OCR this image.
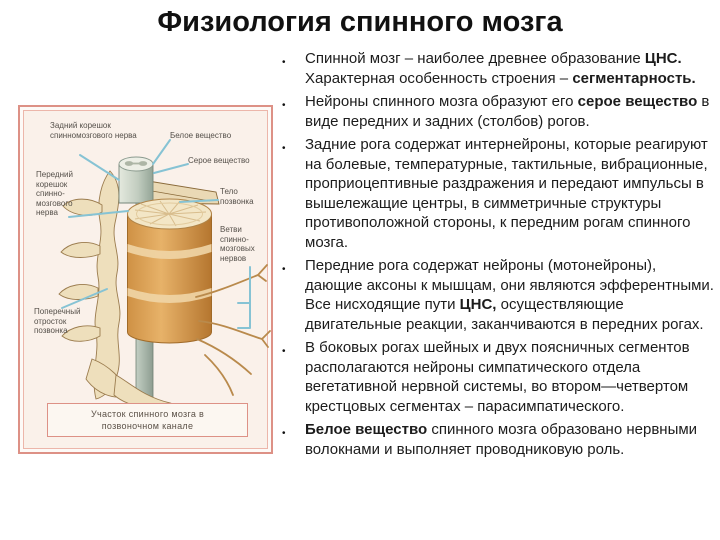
Физиология спинного мозга
Задний корешок спинномозгового нерва	Белое вещество
Серое вещество
Передний корешок спинно-мозгового нерва
Тело позвонка
Ветви спинно-мозговых нервов
Поперечный отросток позвонка
Участок спинного мозга в позвоночном канале
• Спинной мозг – наиболее древнее образование ЦНС. Характерная особенность строения – сегментарность.
• Нейроны спинного мозга образуют его серое вещество в виде передних и задних (столбов) рогов.
• Задние рога содержат интернейроны, которые реагируют на болевые, температурные, тактильные, вибрационные, проприоцептивные раздражения и передают импульсы в вышележащие центры, в симметричные структуры противоположной стороны, к передним рогам спинного мозга.
• Передние рога содержат нейроны (мотонейроны), дающие аксоны к мышцам, они являются эфферентными. Все нисходящие пути ЦНС, осуществляющие двигательные реакции, заканчиваются в передних рогах.
• В боковых рогах шейных и двух поясничных сегментов располагаются нейроны симпатического отдела вегетативной нервной системы, во втором—четвертом крестцовых сегментах – парасимпатического.
• Белое вещество спинного мозга образовано нервными волокнами и выполняет проводниковую роль.
